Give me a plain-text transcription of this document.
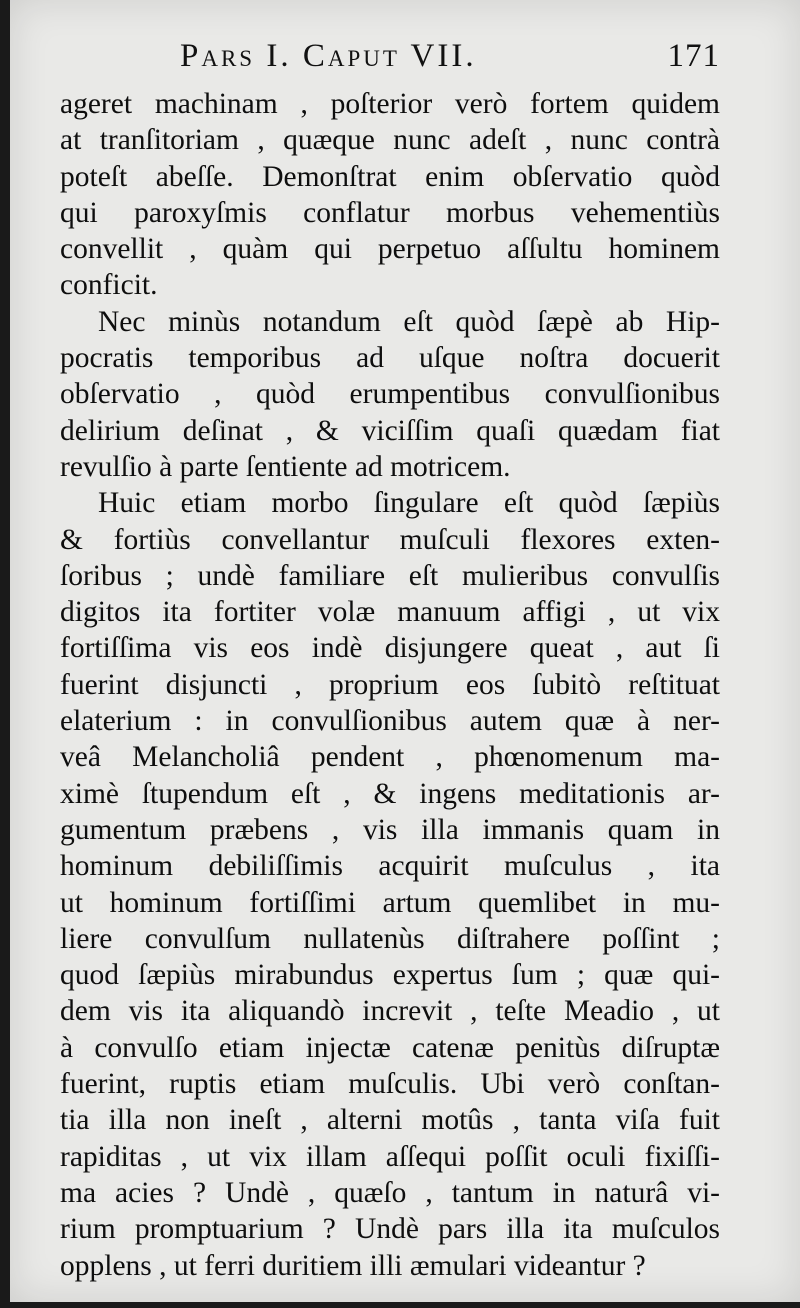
Pars I. Caput VII.	171
ageret machinam , poſterior verò fortem quidem
at tranſitoriam , quæque nunc adeſt , nunc contrà
poteſt abeſſe. Demonſtrat enim obſervatio quòd
qui paroxyſmis conflatur morbus vehementiùs
convellit , quàm qui perpetuo aſſultu hominem
conficit.
Nec minùs notandum eſt quòd ſæpè ab Hip-
pocratis temporibus ad uſque noſtra docuerit
obſervatio , quòd erumpentibus convulſionibus
delirium deſinat , & viciſſim quaſi quædam fiat
revulſio à parte ſentiente ad motricem.
Huic etiam morbo ſingulare eſt quòd ſæpiùs
& fortiùs convellantur muſculi flexores exten-
ſoribus ; undè familiare eſt mulieribus convulſis
digitos ita fortiter volæ manuum affigi , ut vix
fortiſſima vis eos indè disjungere queat , aut ſi
fuerint disjuncti , proprium eos ſubitò reſtituat
elaterium : in convulſionibus autem quæ à ner-
veâ Melancholiâ pendent , phœnomenum ma-
ximè ſtupendum eſt , & ingens meditationis ar-
gumentum præbens , vis illa immanis quam in
hominum debiliſſimis acquirit muſculus , ita
ut hominum fortiſſimi artum quemlibet in mu-
liere convulſum nullatenùs diſtrahere poſſint ;
quod ſæpiùs mirabundus expertus ſum ; quæ qui-
dem vis ita aliquandò increvit , teſte Meadio , ut
à convulſo etiam injectæ catenæ penitùs diſruptæ
fuerint, ruptis etiam muſculis. Ubi verò conſtan-
tia illa non ineſt , alterni motûs , tanta viſa fuit
rapiditas , ut vix illam aſſequi poſſit oculi fixiſſi-
ma acies ? Undè , quæſo , tantum in naturâ vi-
rium promptuarium ? Undè pars illa ita muſculos
opplens , ut ferri duritiem illi æmulari videantur ?
